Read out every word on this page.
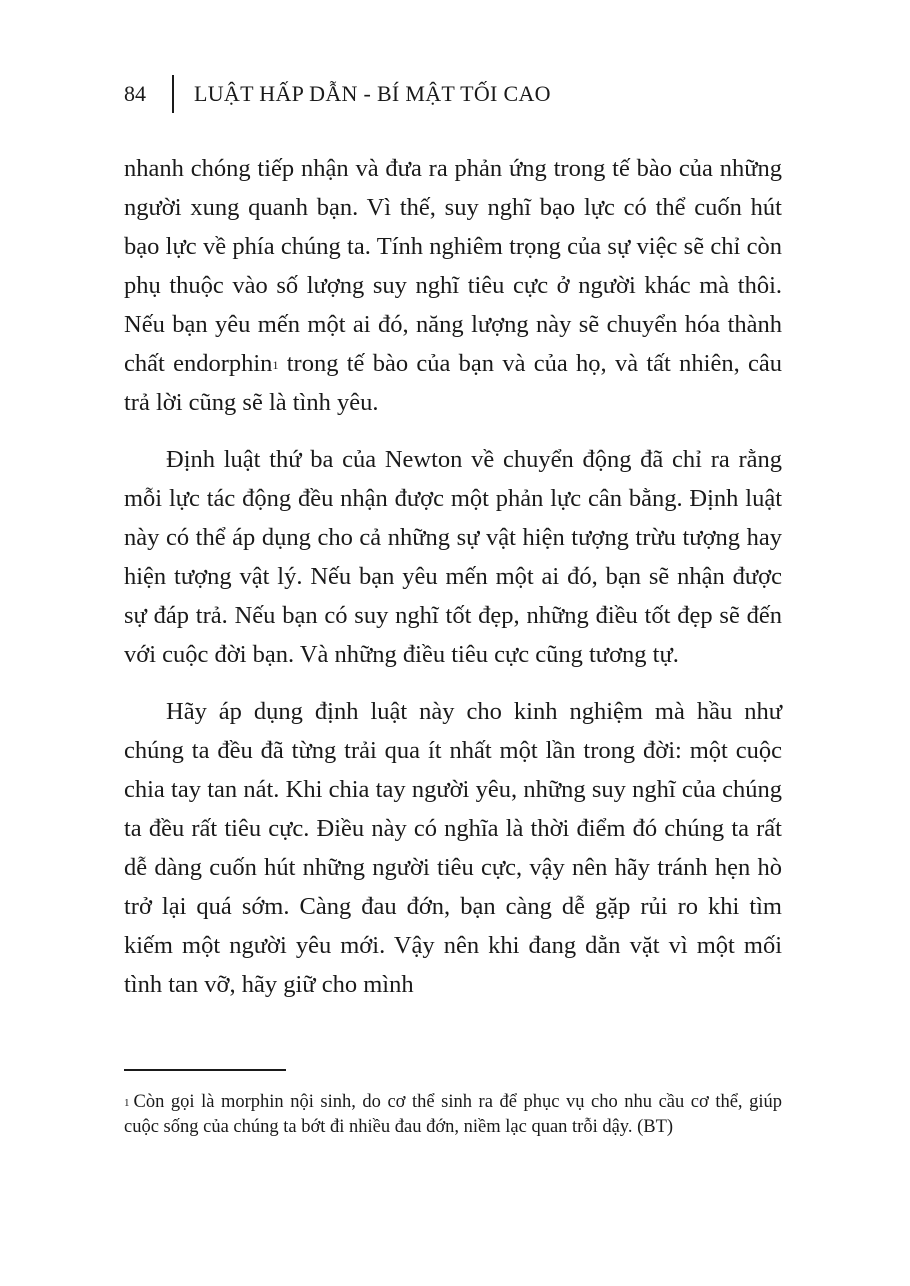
84	LUẬT HẤP DẪN - BÍ MẬT TỐI CAO

nhanh chóng tiếp nhận và đưa ra phản ứng trong tế bào của những người xung quanh bạn. Vì thế, suy nghĩ bạo lực có thể cuốn hút bạo lực về phía chúng ta. Tính nghiêm trọng của sự việc sẽ chỉ còn phụ thuộc vào số lượng suy nghĩ tiêu cực ở người khác mà thôi. Nếu bạn yêu mến một ai đó, năng lượng này sẽ chuyển hóa thành chất endorphin$^1$ trong tế bào của bạn và của họ, và tất nhiên, câu trả lời cũng sẽ là tình yêu.

Định luật thứ ba của Newton về chuyển động đã chỉ ra rằng mỗi lực tác động đều nhận được một phản lực cân bằng. Định luật này có thể áp dụng cho cả những sự vật hiện tượng trừu tượng hay hiện tượng vật lý. Nếu bạn yêu mến một ai đó, bạn sẽ nhận được sự đáp trả. Nếu bạn có suy nghĩ tốt đẹp, những điều tốt đẹp sẽ đến với cuộc đời bạn. Và những điều tiêu cực cũng tương tự.

Hãy áp dụng định luật này cho kinh nghiệm mà hầu như chúng ta đều đã từng trải qua ít nhất một lần trong đời: một cuộc chia tay tan nát. Khi chia tay người yêu, những suy nghĩ của chúng ta đều rất tiêu cực. Điều này có nghĩa là thời điểm đó chúng ta rất dễ dàng cuốn hút những người tiêu cực, vậy nên hãy tránh hẹn hò trở lại quá sớm. Càng đau đớn, bạn càng dễ gặp rủi ro khi tìm kiếm một người yêu mới. Vậy nên khi đang dằn vặt vì một mối tình tan vỡ, hãy giữ cho mình

$^1$ Còn gọi là morphin nội sinh, do cơ thể sinh ra để phục vụ cho nhu cầu cơ thể, giúp cuộc sống của chúng ta bớt đi nhiều đau đớn, niềm lạc quan trỗi dậy. (BT)
